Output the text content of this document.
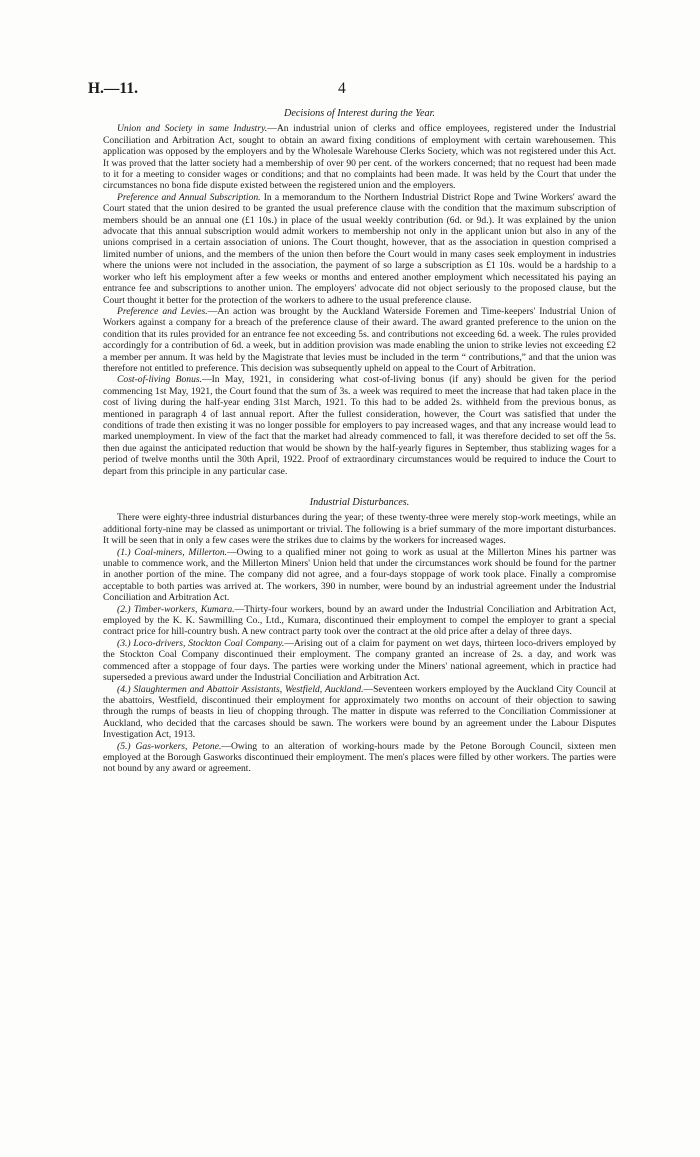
H.—11.	4
Decisions of Interest during the Year.

Union and Society in same Industry.—An industrial union of clerks and office employees, registered under the Industrial Conciliation and Arbitration Act, sought to obtain an award fixing conditions of employment with certain warehousemen. This application was opposed by the employers and by the Wholesale Warehouse Clerks Society, which was not registered under this Act. It was proved that the latter society had a membership of over 90 per cent. of the workers concerned; that no request had been made to it for a meeting to consider wages or conditions; and that no complaints had been made. It was held by the Court that under the circumstances no bona fide dispute existed between the registered union and the employers.

Preference and Annual Subscription. In a memorandum to the Northern Industrial District Rope and Twine Workers' award the Court stated that the union desired to be granted the usual preference clause with the condition that the maximum subscription of members should be an annual one (£1 10s.) in place of the usual weekly contribution (6d. or 9d.). It was explained by the union advocate that this annual subscription would admit workers to membership not only in the applicant union but also in any of the unions comprised in a certain association of unions. The Court thought, however, that as the association in question comprised a limited number of unions, and the members of the union then before the Court would in many cases seek employment in industries where the unions were not included in the association, the payment of so large a subscription as £1 10s. would be a hardship to a worker who left his employment after a few weeks or months and entered another employment which necessitated his paying an entrance fee and subscriptions to another union. The employers' advocate did not object seriously to the proposed clause, but the Court thought it better for the protection of the workers to adhere to the usual preference clause.

Preference and Levies.—An action was brought by the Auckland Waterside Foremen and Time-keepers' Industrial Union of Workers against a company for a breach of the preference clause of their award. The award granted preference to the union on the condition that its rules provided for an entrance fee not exceeding 5s. and contributions not exceeding 6d. a week. The rules provided accordingly for a contribution of 6d. a week, but in addition provision was made enabling the union to strike levies not exceeding £2 a member per annum. It was held by the Magistrate that levies must be included in the term “ contributions,” and that the union was therefore not entitled to preference. This decision was subsequently upheld on appeal to the Court of Arbitration.

Cost-of-living Bonus.—In May, 1921, in considering what cost-of-living bonus (if any) should be given for the period commencing 1st May, 1921, the Court found that the sum of 3s. a week was required to meet the increase that had taken place in the cost of living during the half-year ending 31st March, 1921. To this had to be added 2s. withheld from the previous bonus, as mentioned in paragraph 4 of last annual report. After the fullest consideration, however, the Court was satisfied that under the conditions of trade then existing it was no longer possible for employers to pay increased wages, and that any increase would lead to marked unemployment. In view of the fact that the market had already commenced to fall, it was therefore decided to set off the 5s. then due against the anticipated reduction that would be shown by the half-yearly figures in September, thus stablizing wages for a period of twelve months until the 30th April, 1922. Proof of extraordinary circumstances would be required to induce the Court to depart from this principle in any particular case.

Industrial Disturbances.

There were eighty-three industrial disturbances during the year; of these twenty-three were merely stop-work meetings, while an additional forty-nine may be classed as unimportant or trivial. The following is a brief summary of the more important disturbances. It will be seen that in only a few cases were the strikes due to claims by the workers for increased wages.

(1.) Coal-miners, Millerton.—Owing to a qualified miner not going to work as usual at the Millerton Mines his partner was unable to commence work, and the Millerton Miners' Union held that under the circumstances work should be found for the partner in another portion of the mine. The company did not agree, and a four-days stoppage of work took place. Finally a compromise acceptable to both parties was arrived at. The workers, 390 in number, were bound by an industrial agreement under the Industrial Conciliation and Arbitration Act.

(2.) Timber-workers, Kumara.—Thirty-four workers, bound by an award under the Industrial Conciliation and Arbitration Act, employed by the K. K. Sawmilling Co., Ltd., Kumara, discontinued their employment to compel the employer to grant a special contract price for hill-country bush. A new contract party took over the contract at the old price after a delay of three days.

(3.) Loco-drivers, Stockton Coal Company.—Arising out of a claim for payment on wet days, thirteen loco-drivers employed by the Stockton Coal Company discontinued their employment. The company granted an increase of 2s. a day, and work was commenced after a stoppage of four days. The parties were working under the Miners' national agreement, which in practice had superseded a previous award under the Industrial Conciliation and Arbitration Act.

(4.) Slaughtermen and Abattoir Assistants, Westfield, Auckland.—Seventeen workers employed by the Auckland City Council at the abattoirs, Westfield, discontinued their employment for approximately two months on account of their objection to sawing through the rumps of beasts in lieu of chopping through. The matter in dispute was referred to the Conciliation Commissioner at Auckland, who decided that the carcases should be sawn. The workers were bound by an agreement under the Labour Disputes Investigation Act, 1913.

(5.) Gas-workers, Petone.—Owing to an alteration of working-hours made by the Petone Borough Council, sixteen men employed at the Borough Gasworks discontinued their employment. The men's places were filled by other workers. The parties were not bound by any award or agreement.
